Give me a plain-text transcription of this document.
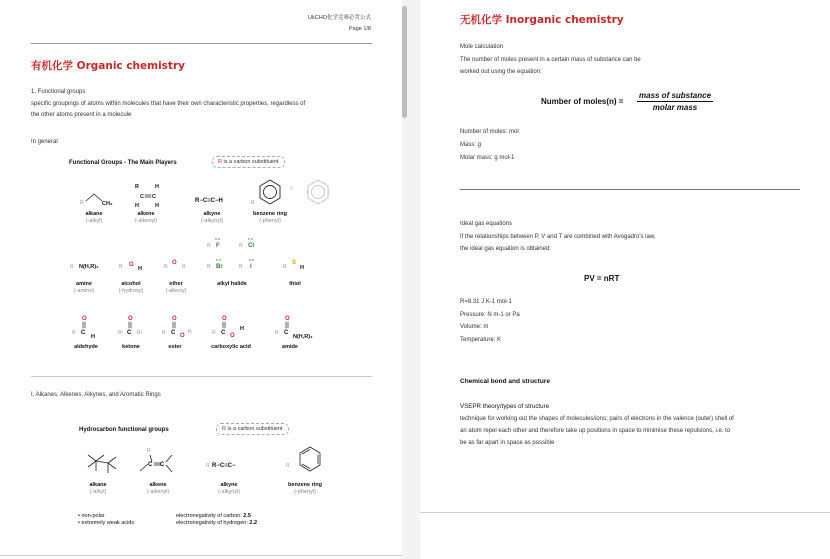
UkCHO化学竞赛必背公式
Page 1/8
有机化学 Organic chemistry
1. Functional groups
specific groupings of atoms within molecules that have their own characteristic properties, regardless of
the other atoms present in a molecule
In general
Functional Groups - The Main Players	R is a carbon substituent
R	CH₃
R	H
C C
H	H
R−C≡C−H	R
R
R F	R Cl
R Br	R I
R N(H,R)₂	R O
H	R
O
R	R
S
H
O
C
R
H
O
C
R¹	R²
O
C
R O
R
O
C
R O
H
O
C
R
N(H,R)₂
alkane
(-alkyl)
alkene
(-alkenyl)
alkyne
(-alkynyl)
benzene ring
(-phenyl)
amine
(-amino)
alcohol
(-hydroxy)
ether
(-alkoxy)
alkyl halide	thiol
aldehyde	ketone	ester	carboxylic acid	amide
I. Alkanes, Alkenes, Alkynes, and Aromatic Rings
Hydrocarbon functional groups	R is a carbon substituent
R
C C	R R−C≡C−	R
alkane
(-alkyl)
alkene
(-alkenyl)
alkyne
(-alkynyl)
benzene ring
(-phenyl)
• non-polar
• extremely weak acids
electronegativity of carbon: 2.5
electronegativity of hydrogen: 2.2
无机化学 Inorganic chemistry
Mole calculation
The number of moles present in a certain mass of substance can be
worked out using the equation:
Number of moles(n) =
mass of substance
molar mass
Number of moles: mol
Mass: g
Molar mass: g mol-1
Ideal gas equations
If the relationships between P, V and T are combined with Avogadro's law,
the ideal gas equation is obtained:
PV = nRT
R=8.31 J K-1 mol-1
Pressure: N m-1 or Pa
Volume: m
Temperature: K
Chemical bond and structure
VSEPR theory/types of structure
technique for working out the shapes of molecules/ions; pairs of electrons in the valence (outer) shell of
an atom repel each other and therefore take up positions in space to minimise these repulsions, i.e. to
be as far apart in space as possible
